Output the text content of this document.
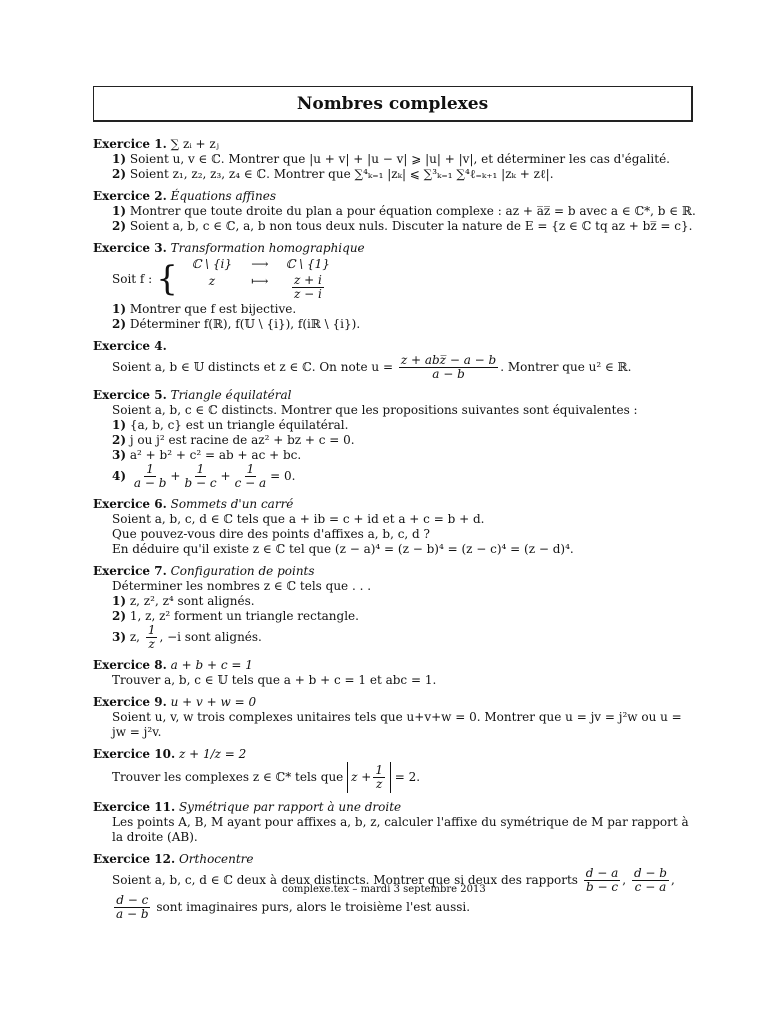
Nombres complexes
Exercice 1. ∑ zᵢ + zⱼ
1) Soient u, v ∈ ℂ. Montrer que |u + v| + |u − v| ⩾ |u| + |v|, et déterminer les cas d'égalité.
2) Soient z₁, z₂, z₃, z₄ ∈ ℂ. Montrer que ∑⁴ₖ₌₁ |zₖ| ⩽ ∑³ₖ₌₁ ∑⁴ℓ₌ₖ₊₁ |zₖ + zℓ|.
Exercice 2. Équations affines
1) Montrer que toute droite du plan a pour équation complexe : az + a̅z̅ = b avec a ∈ ℂ*, b ∈ ℝ.
2) Soient a, b, c ∈ ℂ, a, b non tous deux nuls. Discuter la nature de E = {z ∈ ℂ tq az + bz̅ = c}.
Exercice 3. Transformation homographique
Soit f : {	ℂ \ {i}	⟶	ℂ \ {1}
z	⟼	$\frac{z + i}{z - i}$
1) Montrer que f est bijective.
2) Déterminer f(ℝ), f(𝕌 \ {i}), f(iℝ \ {i}).
Exercice 4.
Soient a, b ∈ 𝕌 distincts et z ∈ ℂ. On note $u = \frac{\text{z + abz̅ − a − b}}{a - b}$ . Montrer que u² ∈ ℝ.
Exercice 5. Triangle équilatéral
Soient a, b, c ∈ ℂ distincts. Montrer que les propositions suivantes sont équivalentes :
1) {a, b, c} est un triangle équilatéral.
2) j ou j² est racine de az² + bz + c = 0.
3) a² + b² + c² = ab + ac + bc.
$4) \frac{1}{a - b} + \frac{1}{b - c} + \frac{1}{c - a} = 0$.
Exercice 6. Sommets d'un carré
Soient a, b, c, d ∈ ℂ tels que a + ib = c + id et a + c = b + d.
Que pouvez-vous dire des points d'affixes a, b, c, d ?
En déduire qu'il existe z ∈ ℂ tel que (z − a)⁴ = (z − b)⁴ = (z − c)⁴ = (z − d)⁴.
Exercice 7. Configuration de points
Déterminer les nombres z ∈ ℂ tels que . . .
1) z, z², z⁴ sont alignés.
2) 1, z, z² forment un triangle rectangle.
3) z, $\frac{1}{z}$ , −i sont alignés.
Exercice 8. a + b + c = 1
Trouver a, b, c ∈ 𝕌 tels que a + b + c = 1 et abc = 1.
Exercice 9. u + v + w = 0
Soient u, v, w trois complexes unitaires tels que u+v+w = 0. Montrer que u = jv = j²w ou u = jw = j²v.
Exercice 10. z + 1/z = 2
Trouver les complexes z ∈ ℂ* tels que $z + \frac{1}{z} = 2$.
Exercice 11. Symétrique par rapport à une droite
Les points A, B, M ayant pour affixes a, b, z, calculer l'affixe du symétrique de M par rapport à la droite (AB).
Exercice 12. Orthocentre
Soient a, b, c, d ∈ ℂ deux à deux distincts. Montrer que si deux des rapports $\frac{d - a}{b - c}$ , $\frac{d - b}{c - a}$ ,
$\frac{d - c}{a - b}$ sont imaginaires purs, alors le troisième l'est aussi.
complexe.tex – mardi 3 septembre 2013
